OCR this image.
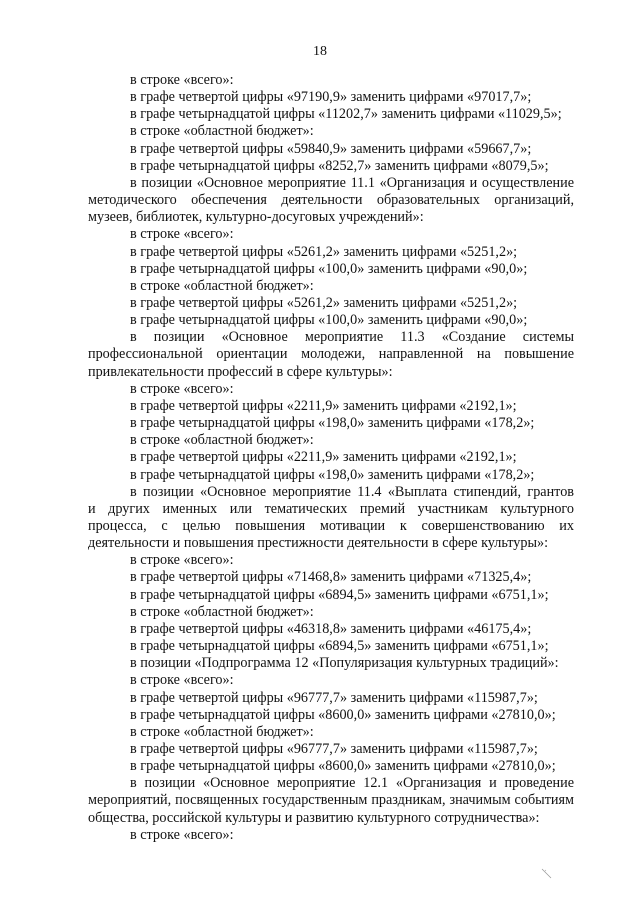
18
в строке «всего»:
в графе четвертой цифры «97190,9» заменить цифрами «97017,7»;
в графе четырнадцатой цифры «11202,7» заменить цифрами «11029,5»;
в строке «областной бюджет»:
в графе четвертой цифры «59840,9» заменить цифрами «59667,7»;
в графе четырнадцатой цифры «8252,7» заменить цифрами «8079,5»;
в позиции «Основное мероприятие 11.1 «Организация и осуществление
методического обеспечения деятельности образовательных организаций,
музеев, библиотек, культурно-досуговых учреждений»:
в строке «всего»:
в графе четвертой цифры «5261,2» заменить цифрами «5251,2»;
в графе четырнадцатой цифры «100,0» заменить цифрами «90,0»;
в строке «областной бюджет»:
в графе четвертой цифры «5261,2» заменить цифрами «5251,2»;
в графе четырнадцатой цифры «100,0» заменить цифрами «90,0»;
в позиции «Основное мероприятие 11.3 «Создание системы
профессиональной ориентации молодежи, направленной на повышение
привлекательности профессий в сфере культуры»:
в строке «всего»:
в графе четвертой цифры «2211,9» заменить цифрами «2192,1»;
в графе четырнадцатой цифры «198,0» заменить цифрами «178,2»;
в строке «областной бюджет»:
в графе четвертой цифры «2211,9» заменить цифрами «2192,1»;
в графе четырнадцатой цифры «198,0» заменить цифрами «178,2»;
в позиции «Основное мероприятие 11.4 «Выплата стипендий, грантов
и других именных или тематических премий участникам культурного
процесса, с целью повышения мотивации к совершенствованию их
деятельности и повышения престижности деятельности в сфере культуры»:
в строке «всего»:
в графе четвертой цифры «71468,8» заменить цифрами «71325,4»;
в графе четырнадцатой цифры «6894,5» заменить цифрами «6751,1»;
в строке «областной бюджет»:
в графе четвертой цифры «46318,8» заменить цифрами «46175,4»;
в графе четырнадцатой цифры «6894,5» заменить цифрами «6751,1»;
в позиции «Подпрограмма 12 «Популяризация культурных традиций»:
в строке «всего»:
в графе четвертой цифры «96777,7» заменить цифрами «115987,7»;
в графе четырнадцатой цифры «8600,0» заменить цифрами «27810,0»;
в строке «областной бюджет»:
в графе четвертой цифры «96777,7» заменить цифрами «115987,7»;
в графе четырнадцатой цифры «8600,0» заменить цифрами «27810,0»;
в позиции «Основное мероприятие 12.1 «Организация и проведение
мероприятий, посвященных государственным праздникам, значимым событиям
общества, российской культуры и развитию культурного сотрудничества»:
в строке «всего»:
